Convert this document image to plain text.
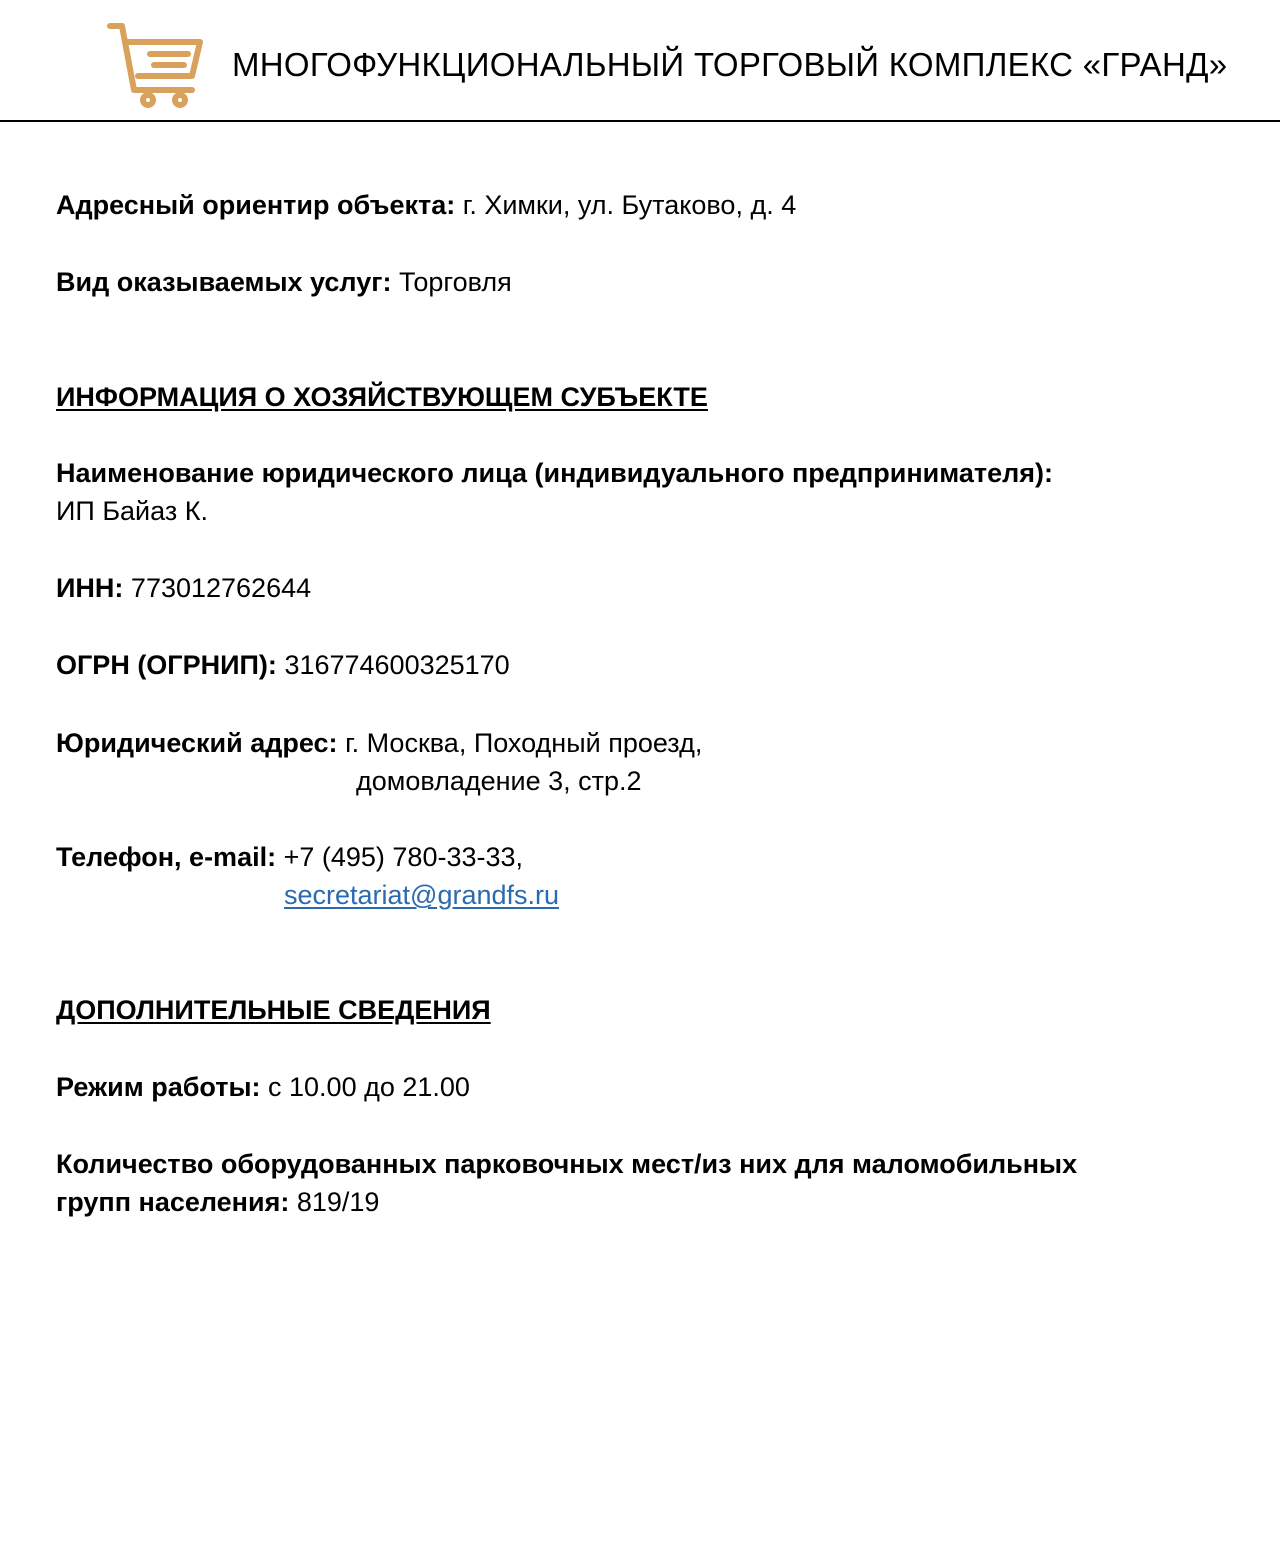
МНОГОФУНКЦИОНАЛЬНЫЙ ТОРГОВЫЙ КОМПЛЕКС «ГРАНД»
Адресный ориентир объекта: г. Химки, ул. Бутаково, д. 4
Вид оказываемых услуг: Торговля
ИНФОРМАЦИЯ О ХОЗЯЙСТВУЮЩЕМ СУБЪЕКТЕ
Наименование юридического лица (индивидуального предпринимателя):
ИП Байаз К.
ИНН: 773012762644
ОГРН (ОГРНИП): 316774600325170
Юридический адрес: г. Москва, Походный проезд,
домовладение 3, стр.2
Телефон, e-mail: +7 (495) 780-33-33,
secretariat@grandfs.ru
ДОПОЛНИТЕЛЬНЫЕ СВЕДЕНИЯ
Режим работы: с 10.00 до 21.00
Количество оборудованных парковочных мест/из них для маломобильных
групп населения: 819/19
